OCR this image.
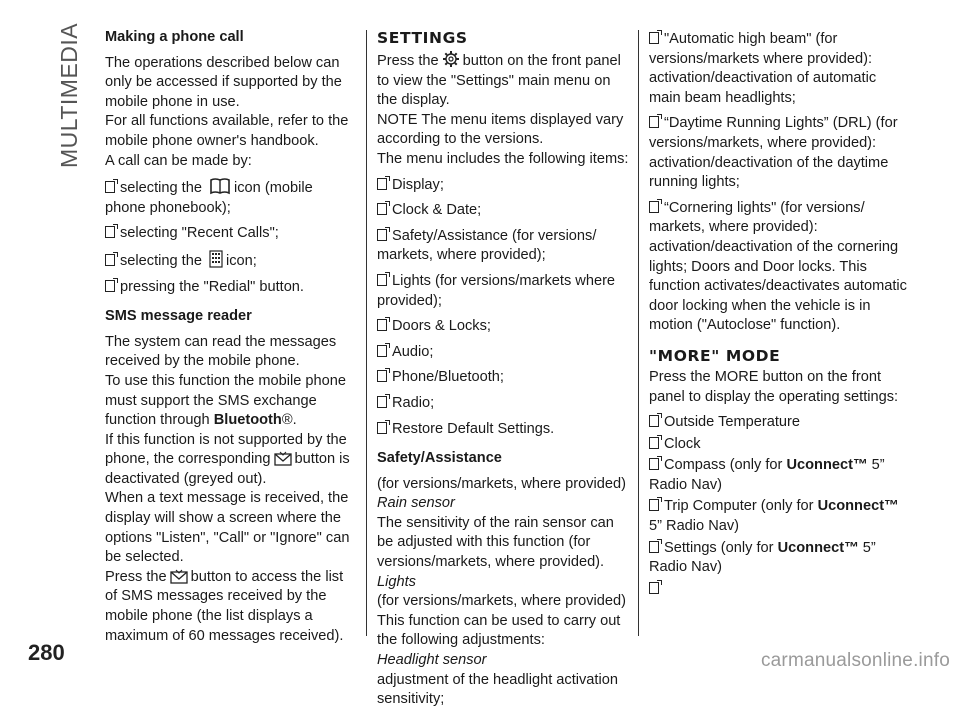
MULTIMEDIA Making a phone call

The operations described below can only be accessed if supported by the mobile phone in use.

For all functions available, refer to the mobile phone owner's handbook.

A call can be made by:

selecting the icon (mobile phone phonebook);

selecting "Recent Calls";

selecting the icon;

pressing the "Redial" button.

SMS message reader

The system can read the messages received by the mobile phone.

To use this function the mobile phone must support the SMS exchange function through Bluetooth®.

If this function is not supported by the phone, the corresponding button is deactivated (greyed out).

When a text message is received, the display will show a screen where the options "Listen", "Call" or "Ignore" can be selected.

Press the button to access the list of SMS messages received by the mobile phone (the list displays a maximum of 60 messages received).

SETTINGS

Press the button on the front panel to view the "Settings" main menu on the display.

NOTE The menu items displayed vary according to the versions.

The menu includes the following items:

Display;

Clock & Date;

Safety/Assistance (for versions/ markets, where provided);

Lights (for versions/markets where provided);

Doors & Locks;

Audio;

Phone/Bluetooth;

Radio;

Restore Default Settings.

Safety/Assistance

(for versions/markets, where provided)

Rain sensor

The sensitivity of the rain sensor can be adjusted with this function (for versions/markets, where provided).

Lights

(for versions/markets, where provided)

This function can be used to carry out the following adjustments:

Headlight sensor

adjustment of the headlight activation sensitivity;

"Automatic high beam" (for versions/markets where provided): activation/deactivation of automatic main beam headlights;

“Daytime Running Lights” (DRL) (for versions/markets, where provided): activation/deactivation of the daytime running lights;

“Cornering lights" (for versions/ markets, where provided): activation/deactivation of the cornering lights; Doors and Door locks. This function activates/deactivates automatic door locking when the vehicle is in motion ("Autoclose" function).

"MORE" MODE

Press the MORE button on the front panel to display the operating settings:

Outside Temperature

Clock

Compass (only for Uconnect™ 5” Radio Nav)

Trip Computer (only for Uconnect™ 5” Radio Nav)

Settings (only for Uconnect™ 5” Radio Nav)

280	carmanualsonline.info
